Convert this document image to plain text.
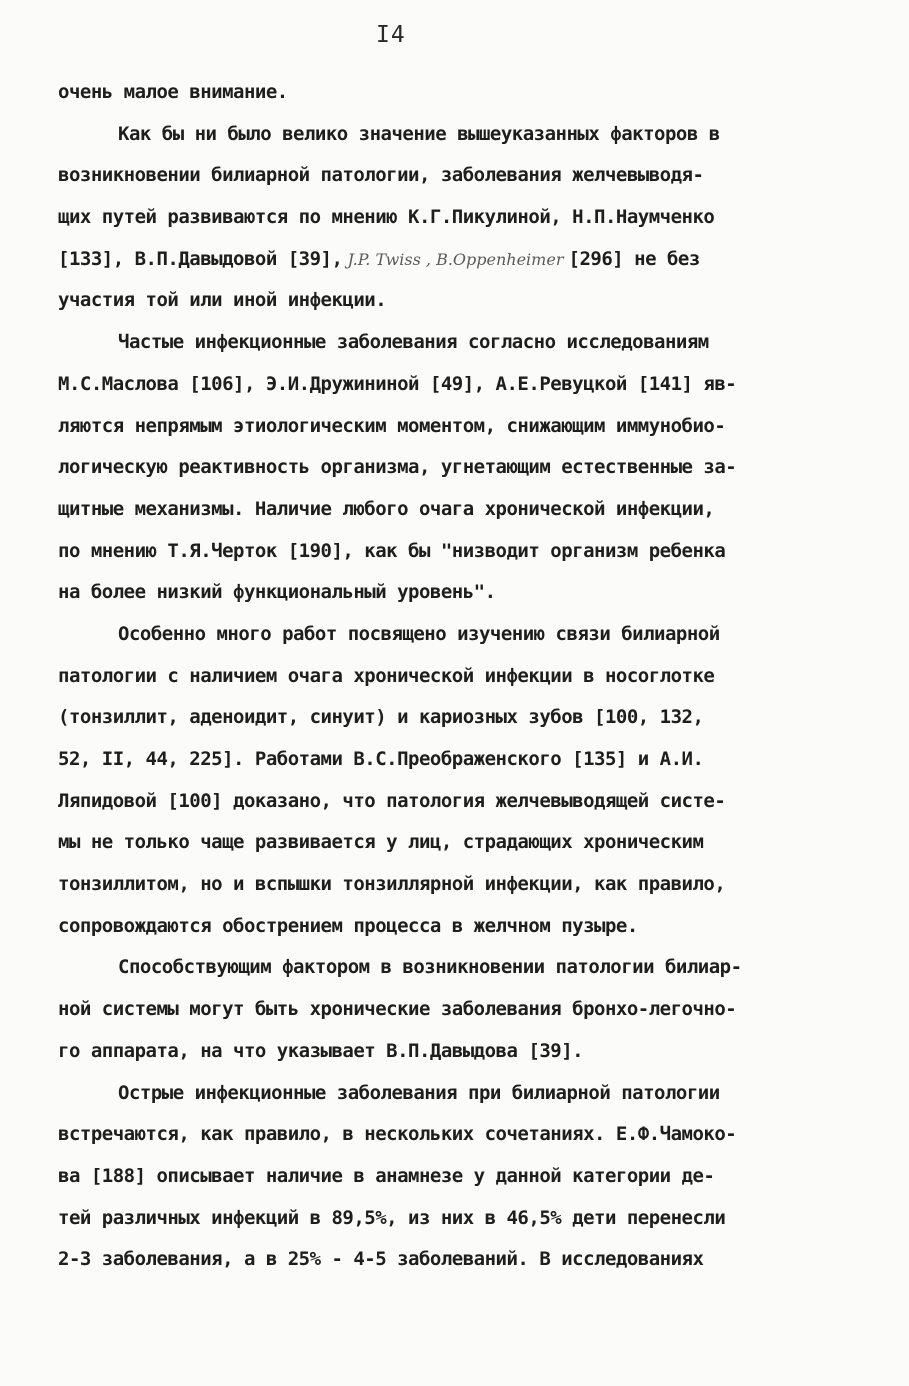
I4
очень малое внимание.
Как бы ни было велико значение вышеуказанных факторов в
возникновении билиарной патологии, заболевания желчевыводя-
щих путей развиваются по мнению К.Г.Пикулиной, Н.П.Наумченко
[133], В.П.Давыдовой [39], J.P. Twiss , B.Oppenheimer [296] не без
участия той или иной инфекции.
Частые инфекционные заболевания согласно исследованиям
М.С.Маслова [106], Э.И.Дружининой [49], А.Е.Ревуцкой [141] яв-
ляются непрямым этиологическим моментом, снижающим иммунобио-
логическую реактивность организма, угнетающим естественные за-
щитные механизмы. Наличие любого очага хронической инфекции,
по мнению Т.Я.Черток [190], как бы "низводит организм ребенка
на более низкий функциональный уровень".
Особенно много работ посвящено изучению связи билиарной
патологии с наличием очага хронической инфекции в носоглотке
(тонзиллит, аденоидит, синуит) и кариозных зубов [100, 132,
52, II, 44, 225]. Работами В.С.Преображенского [135] и А.И.
Ляпидовой [100] доказано, что патология желчевыводящей систе-
мы не только чаще развивается у лиц, страдающих хроническим
тонзиллитом, но и вспышки тонзиллярной инфекции, как правило,
сопровождаются обострением процесса в желчном пузыре.
Способствующим фактором в возникновении патологии билиар-
ной системы могут быть хронические заболевания бронхо-легочно-
го аппарата, на что указывает В.П.Давыдова [39].
Острые инфекционные заболевания при билиарной патологии
встречаются, как правило, в нескольких сочетаниях. Е.Ф.Чамоко-
ва [188] описывает наличие в анамнезе у данной категории де-
тей различных инфекций в 89,5%, из них в 46,5% дети перенесли
2-3 заболевания, а в 25% - 4-5 заболеваний. В исследованиях
